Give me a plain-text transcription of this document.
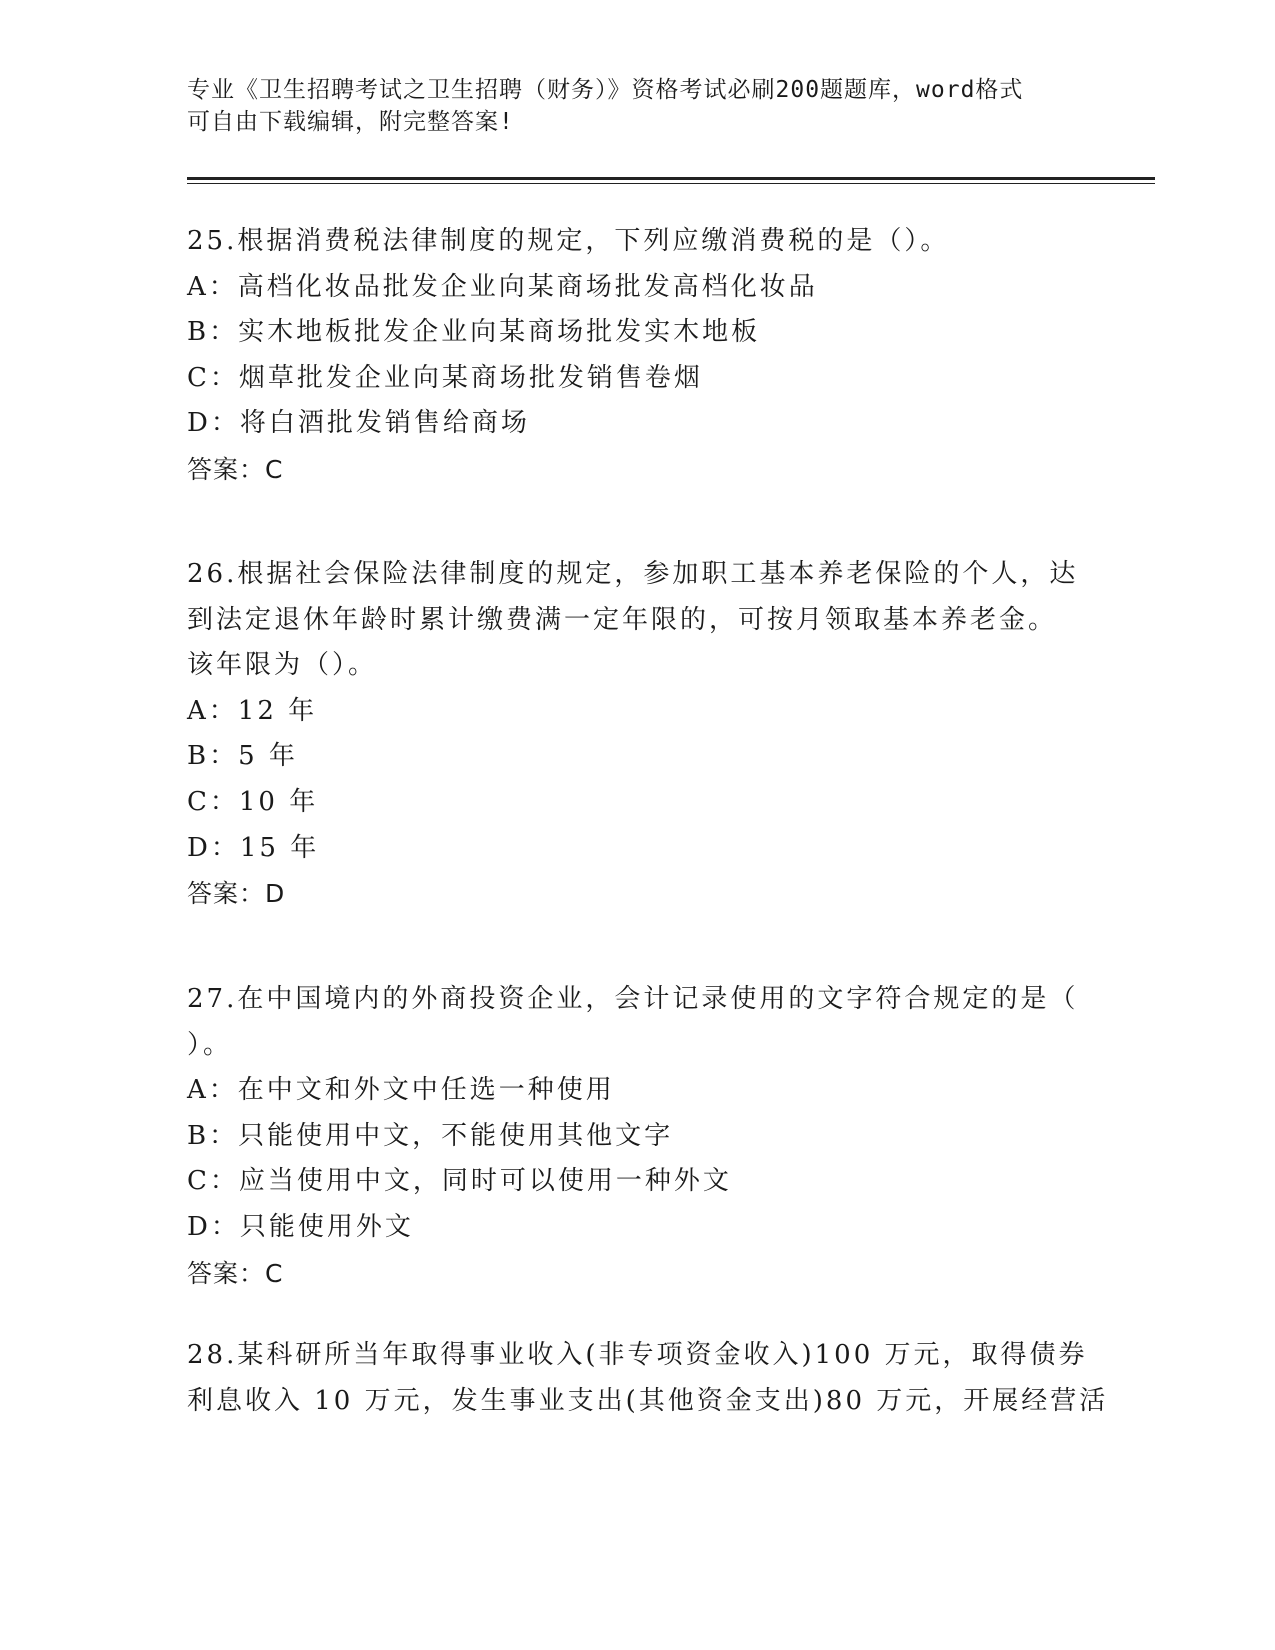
专业《卫生招聘考试之卫生招聘（财务）》资格考试必刷200题题库，word格式
可自由下载编辑，附完整答案!
25.根据消费税法律制度的规定，下列应缴消费税的是（）。
A：高档化妆品批发企业向某商场批发高档化妆品
B：实木地板批发企业向某商场批发实木地板
C：烟草批发企业向某商场批发销售卷烟
D：将白酒批发销售给商场
答案：C
26.根据社会保险法律制度的规定，参加职工基本养老保险的个人，达
到法定退休年龄时累计缴费满一定年限的，可按月领取基本养老金。
该年限为（）。
A：12 年
B：5 年
C：10 年
D：15 年
答案：D
27.在中国境内的外商投资企业，会计记录使用的文字符合规定的是（
）。
A：在中文和外文中任选一种使用
B：只能使用中文，不能使用其他文字
C：应当使用中文，同时可以使用一种外文
D：只能使用外文
答案：C
28.某科研所当年取得事业收入(非专项资金收入)100 万元，取得债券
利息收入 10 万元，发生事业支出(其他资金支出)80 万元，开展经营活
